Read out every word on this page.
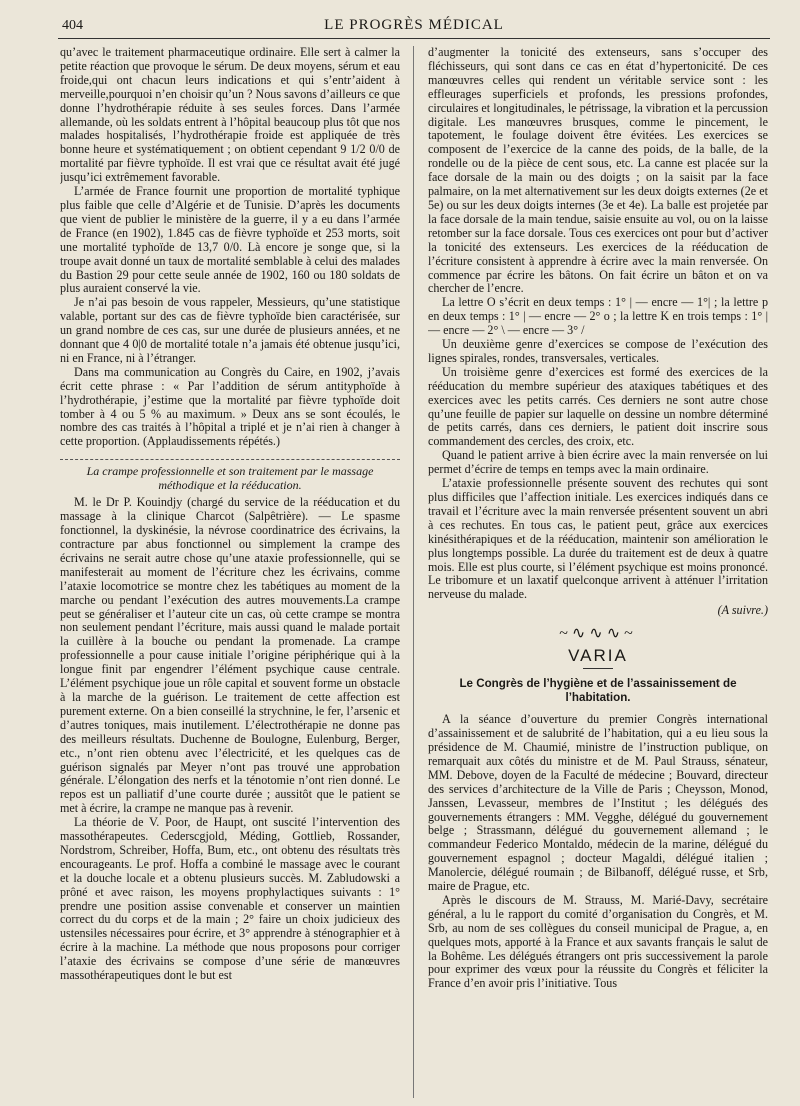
404	LE PROGRÈS MÉDICAL

qu’avec le traitement pharmaceutique ordinaire. Elle sert à calmer la petite réaction que provoque le sérum. De deux moyens, sérum et eau froide,qui ont chacun leurs indications et qui s’entr’aident à merveille,pourquoi n’en choisir qu’un ? Nous savons d’ailleurs ce que donne l’hydrothérapie réduite à ses seules forces. Dans l’armée allemande, où les soldats entrent à l’hôpital beaucoup plus tôt que nos malades hospitalisés, l’hydrothérapie froide est appliquée de très bonne heure et systématiquement ; on obtient cependant 9 1/2 0/0 de mortalité par fièvre typhoïde. Il est vrai que ce résultat avait été jugé jusqu’ici extrêmement favorable.

L’armée de France fournit une proportion de mortalité typhique plus faible que celle d’Algérie et de Tunisie. D’après les documents que vient de publier le ministère de la guerre, il y a eu dans l’armée de France (en 1902), 1.845 cas de fièvre typhoïde et 253 morts, soit une mortalité typhoïde de 13,7 0/0. Là encore je songe que, si la troupe avait donné un taux de mortalité semblable à celui des malades du Bastion 29 pour cette seule année de 1902, 160 ou 180 soldats de plus auraient conservé la vie.

Je n’ai pas besoin de vous rappeler, Messieurs, qu’une statistique valable, portant sur des cas de fièvre typhoïde bien caractérisée, sur un grand nombre de ces cas, sur une durée de plusieurs années, et ne donnant que 4 0|0 de mortalité totale n’a jamais été obtenue jusqu’ici, ni en France, ni à l’étranger.

Dans ma communication au Congrès du Caire, en 1902, j’avais écrit cette phrase : « Par l’addition de sérum antityphoïde à l’hydrothérapie, j’estime que la mortalité par fièvre typhoïde doit tomber à 4 ou 5 % au maximum. » Deux ans se sont écoulés, le nombre des cas traités à l’hôpital a triplé et je n’ai rien à changer à cette proportion. (Applaudissements répétés.)

La crampe professionnelle et son traitement par le massage méthodique et la rééducation.

M. le Dr P. Kouindjy (chargé du service de la rééducation et du massage à la clinique Charcot (Salpêtrière). — Le spasme fonctionnel, la dyskinésie, la névrose coordinatrice des écrivains, la contracture par abus fonctionnel ou simplement la crampe des écrivains ne serait autre chose qu’une ataxie professionnelle, qui se manifesterait au moment de l’écriture chez les écrivains, comme l’ataxie locomotrice se montre chez les tabétiques au moment de la marche ou pendant l’exécution des autres mouvements.La crampe peut se généraliser et l’auteur cite un cas, où cette crampe se montra non seulement pendant l’écriture, mais aussi quand le malade portait la cuillère à la bouche ou pendant la promenade. La crampe professionnelle a pour cause initiale l’origine périphérique qui à la longue finit par engendrer l’élément psychique cause centrale. L’élément psychique joue un rôle capital et souvent forme un obstacle à la marche de la guérison. Le traitement de cette affection est purement externe. On a bien conseillé la strychnine, le fer, l’arsenic et d’autres toniques, mais inutilement. L’électrothérapie ne donne pas des meilleurs résultats. Duchenne de Boulogne, Eulenburg, Berger, etc., n’ont rien obtenu avec l’électricité, et les quelques cas de guérison signalés par Meyer n’ont pas trouvé une approbation générale. L’élongation des nerfs et la ténotomie n’ont rien donné. Le repos est un palliatif d’une courte durée ; aussitôt que le patient se met à écrire, la crampe ne manque pas à revenir.

La théorie de V. Poor, de Haupt, ont suscité l’intervention des massothérapeutes. Cederscgjold, Méding, Gottlieb, Rossander, Nordstrom, Schreiber, Hoffa, Bum, etc., ont obtenu des résultats très encourageants. Le prof. Hoffa a combiné le massage avec le courant et la douche locale et a obtenu plusieurs succès. M. Zabludowski a prôné et avec raison, les moyens prophylactiques suivants : 1° prendre une position assise convenable et conserver un maintien correct du du corps et de la main ; 2° faire un choix judicieux des ustensiles nécessaires pour écrire, et 3° apprendre à sténographier et à écrire à la machine. La méthode que nous proposons pour corriger l’ataxie des écrivains se compose d’une série de manœuvres massothérapeutiques dont le but est

d’augmenter la tonicité des extenseurs, sans s’occuper des fléchisseurs, qui sont dans ce cas en état d’hypertonicité. De ces manœuvres celles qui rendent un véritable service sont : les effleurages superficiels et profonds, les pressions profondes, circulaires et longitudinales, le pétrissage, la vibration et la percussion digitale. Les manœuvres brusques, comme le pincement, le tapotement, le foulage doivent être évitées. Les exercices se composent de l’exercice de la canne des poids, de la balle, de la rondelle ou de la pièce de cent sous, etc. La canne est placée sur la face dorsale de la main ou des doigts ; on la saisit par la face palmaire, on la met alternativement sur les deux doigts externes (2e et 5e) ou sur les deux doigts internes (3e et 4e). La balle est projetée par la face dorsale de la main tendue, saisie ensuite au vol, ou on la laisse retomber sur la face dorsale. Tous ces exercices ont pour but d’activer la tonicité des extenseurs. Les exercices de la rééducation de l’écriture consistent à apprendre à écrire avec la main renversée. On commence par écrire les bâtons. On fait écrire un bâton et on va chercher de l’encre.

La lettre O s’écrit en deux temps : 1° | — encre — 1°| ; la lettre p en deux temps : 1° | — encre — 2° o ; la lettre K en trois temps : 1° | — encre — 2° \ — encre — 3° /

Un deuxième genre d’exercices se compose de l’exécution des lignes spirales, rondes, transversales, verticales.

Un troisième genre d’exercices est formé des exercices de la rééducation du membre supérieur des ataxiques tabétiques et des exercices avec les petits carrés. Ces derniers ne sont autre chose qu’une feuille de papier sur laquelle on dessine un nombre déterminé de petits carrés, dans ces derniers, le patient doit inscrire sous commandement des cercles, des croix, etc.

Quand le patient arrive à bien écrire avec la main renversée on lui permet d’écrire de temps en temps avec la main ordinaire.

L’ataxie professionnelle présente souvent des rechutes qui sont plus difficiles que l’affection initiale. Les exercices indiqués dans ce travail et l’écriture avec la main renversée présentent souvent un abri à ces rechutes. En tous cas, le patient peut, grâce aux exercices kinésithérapiques et de la rééducation, maintenir son amélioration le plus longtemps possible. La durée du traitement est de deux à quatre mois. Elle est plus courte, si l’élément psychique est moins prononcé. Le tribomure et un laxatif quelconque arrivent à atténuer l’irritation nerveuse du malade.

(A suivre.)
~∿∿∿~
VARIA
Le Congrès de l’hygiène et de l’assainissement de l’habitation.

A la séance d’ouverture du premier Congrès international d’assainissement et de salubrité de l’habitation, qui a eu lieu sous la présidence de M. Chaumié, ministre de l’instruction publique, on remarquait aux côtés du ministre et de M. Paul Strauss, sénateur, MM. Debove, doyen de la Faculté de médecine ; Bouvard, directeur des services d’architecture de la Ville de Paris ; Cheysson, Monod, Janssen, Levasseur, membres de l’Institut ; les délégués des gouvernements étrangers : MM. Vegghe, délégué du gouvernement belge ; Strassmann, délégué du gouvernement allemand ; le commandeur Federico Montaldo, médecin de la marine, délégué du gouvernement espagnol ; docteur Magaldi, délégué italien ; Manolercie, délégué roumain ; de Bilbanoff, délégué russe, et Srb, maire de Prague, etc.

Après le discours de M. Strauss, M. Marié-Davy, secrétaire général, a lu le rapport du comité d’organisation du Congrès, et M. Srb, au nom de ses collègues du conseil municipal de Prague, a, en quelques mots, apporté à la France et aux savants français le salut de la Bohême. Les délégués étrangers ont pris successivement la parole pour exprimer des vœux pour la réussite du Congrès et féliciter la France d’en avoir pris l’initiative. Tous
